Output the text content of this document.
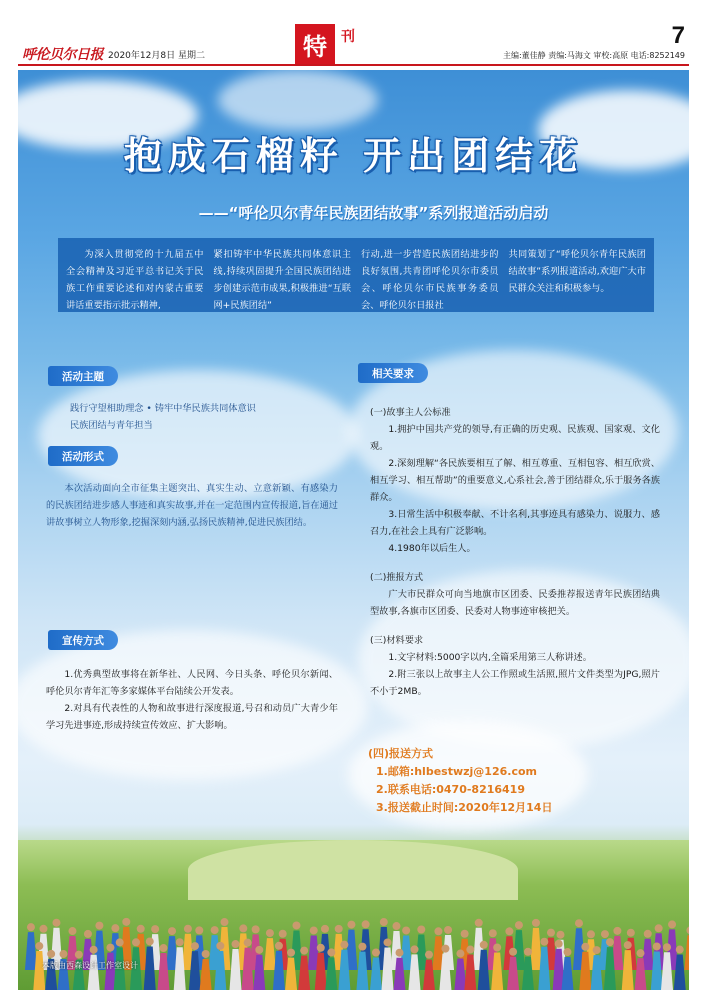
呼伦贝尔日报 2020年12月8日 星期二	特	刊	7
主编:董佳静 责编:马海文 审校:高原 电话:8252149
抱成石榴籽 开出团结花
——“呼伦贝尔青年民族团结故事”系列报道活动启动
为深入贯彻党的十九届五中全会精神及习近平总书记关于民族工作重要论述和对内蒙古重要讲话重要指示批示精神,
紧扣铸牢中华民族共同体意识主线,持续巩固提升全国民族团结进步创建示范市成果,积极推进“互联网+民族团结”
行动,进一步营造民族团结进步的良好氛围,共青团呼伦贝尔市委员会、呼伦贝尔市民族事务委员会、呼伦贝尔日报社
共同策划了“呼伦贝尔青年民族团结故事”系列报道活动,欢迎广大市民群众关注和积极参与。
活动主题
践行守望相助理念 • 铸牢中华民族共同体意识
民族团结与青年担当
活动形式

本次活动面向全市征集主题突出、真实生动、立意新颖、有感染力的民族团结进步感人事迹和真实故事,并在一定范围内宣传报道,旨在通过讲故事树立人物形象,挖掘深刻内涵,弘扬民族精神,促进民族团结。

宣传方式

1.优秀典型故事将在新华社、人民网、今日头条、呼伦贝尔新闻、呼伦贝尔青年汇等多家媒体平台陆续公开发表。

2.对具有代表性的人物和故事进行深度报道,号召和动员广大青少年学习先进事迹,形成持续宣传效应、扩大影响。

相关要求
(一)故事主人公标准

1.拥护中国共产党的领导,有正确的历史观、民族观、国家观、文化观。

2.深刻理解“各民族要相互了解、相互尊重、互相包容、相互欣赏、相互学习、相互帮助”的重要意义,心系社会,善于团结群众,乐于服务各族群众。

3.日常生活中积极奉献、不计名利,其事迹具有感染力、说服力、感召力,在社会上具有广泛影响。

4.1980年以后生人。

(二)推报方式

广大市民群众可向当地旗市区团委、民委推荐报送青年民族团结典型故事,各旗市区团委、民委对人物事迹审核把关。

(三)材料要求

1.文字材料:5000字以内,全篇采用第三人称讲述。

2.附三张以上故事主人公工作照或生活照,照片文件类型为JPG,照片不小于2MB。

(四)报送方式
1.邮箱:hlbestwzj@126.com
2.联系电话:0470-8216419
3.报送截止时间:2020年12月14日
本版由西森设计工作室设计
